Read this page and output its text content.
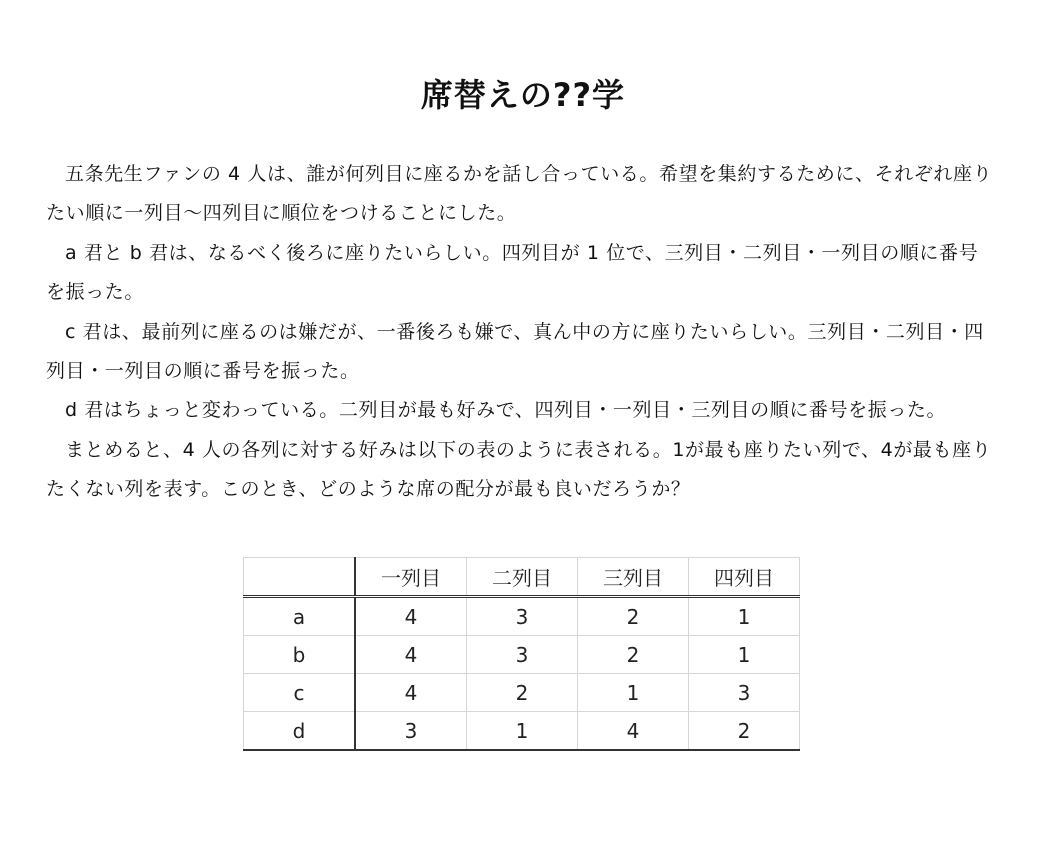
席替えの??学

五条先生ファンの 4 人は、誰が何列目に座るかを話し合っている。希望を集約するために、それぞれ座りたい順に一列目～四列目に順位をつけることにした。

a 君と b 君は、なるべく後ろに座りたいらしい。四列目が 1 位で、三列目・二列目・一列目の順に番号を振った。

c 君は、最前列に座るのは嫌だが、一番後ろも嫌で、真ん中の方に座りたいらしい。三列目・二列目・四列目・一列目の順に番号を振った。

d 君はちょっと変わっている。二列目が最も好みで、四列目・一列目・三列目の順に番号を振った。

まとめると、4 人の各列に対する好みは以下の表のように表される。1が最も座りたい列で、4が最も座りたくない列を表す。このとき、どのような席の配分が最も良いだろうか？

	一列目	二列目	三列目	四列目
a	4	3	2	1
b	4	3	2	1
c	4	2	1	3
d	3	1	4	2
